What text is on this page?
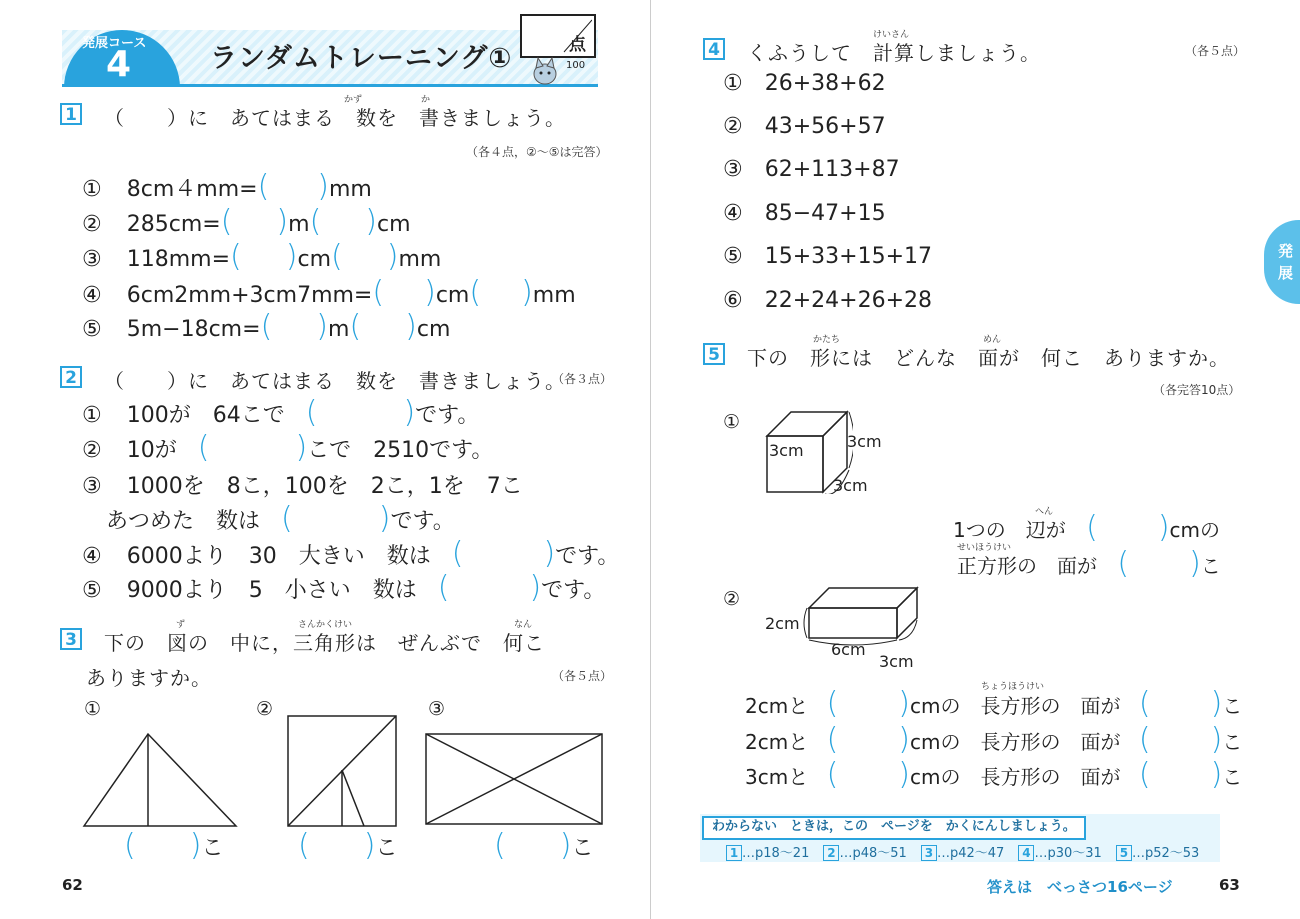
発展コース
4	ランダムトレーニング①	点
100
1 （　　）に　あてはまる　数を　書きましょう。
かず	か
（各４点，②～⑤は完答）
① 8cm４mm=( )mm
② 285cm=( )m( )cm
③ 118mm=( )cm( )mm
④ 6cm2mm+3cm7mm=( )cm( )mm
⑤ 5m−18cm=( )m( )cm
2 （　　）に　あてはまる　数を　書きましょう。
（各３点）
① 100が　64こで (	)です。
② 10が (	)こで　2510です。
③ 1000を　8こ，100を　2こ，1を　7こ
あつめた　数は (	)です。
④ 6000より　30　大きい　数は (	)です。
⑤ 9000より　5　小さい　数は (	)です。
3 下の　図の　中に，三角形は　ぜんぶで　何こ
ず	さんかくけい	なん
ありますか。	（各５点）
①	②	③
( )こ ( )こ	( )こ
62
4 くふうして　計算しましょう。
けいさん
（各５点）
① 26+38+62
② 43+56+57
③ 62+113+87
④ 85−47+15
⑤ 15+33+15+17
⑥ 22+24+26+28
5 下の　形には　どんな　面が　何こ　ありますか。
かたち	めん
（各完答10点）
①
3cm	3cm
3cm
へん
1つの　辺が ( )cmの
せいほうけい
正方形の　面が ( )こ
②
2cm
6cm
3cm
ちょうほうけい
2cmと ( )cmの　長方形の　面が ( )こ
2cmと ( )cmの　長方形の　面が ( )こ
3cmと ( )cmの　長方形の　面が ( )こ
答えは　べっさつ16ページ	63
発
展
わからない　ときは，この　ページを　かくにんしましょう。
1 …p18～21 2 …p48～51 3 …p42～47 4 …p30～31 5 …p52～53
